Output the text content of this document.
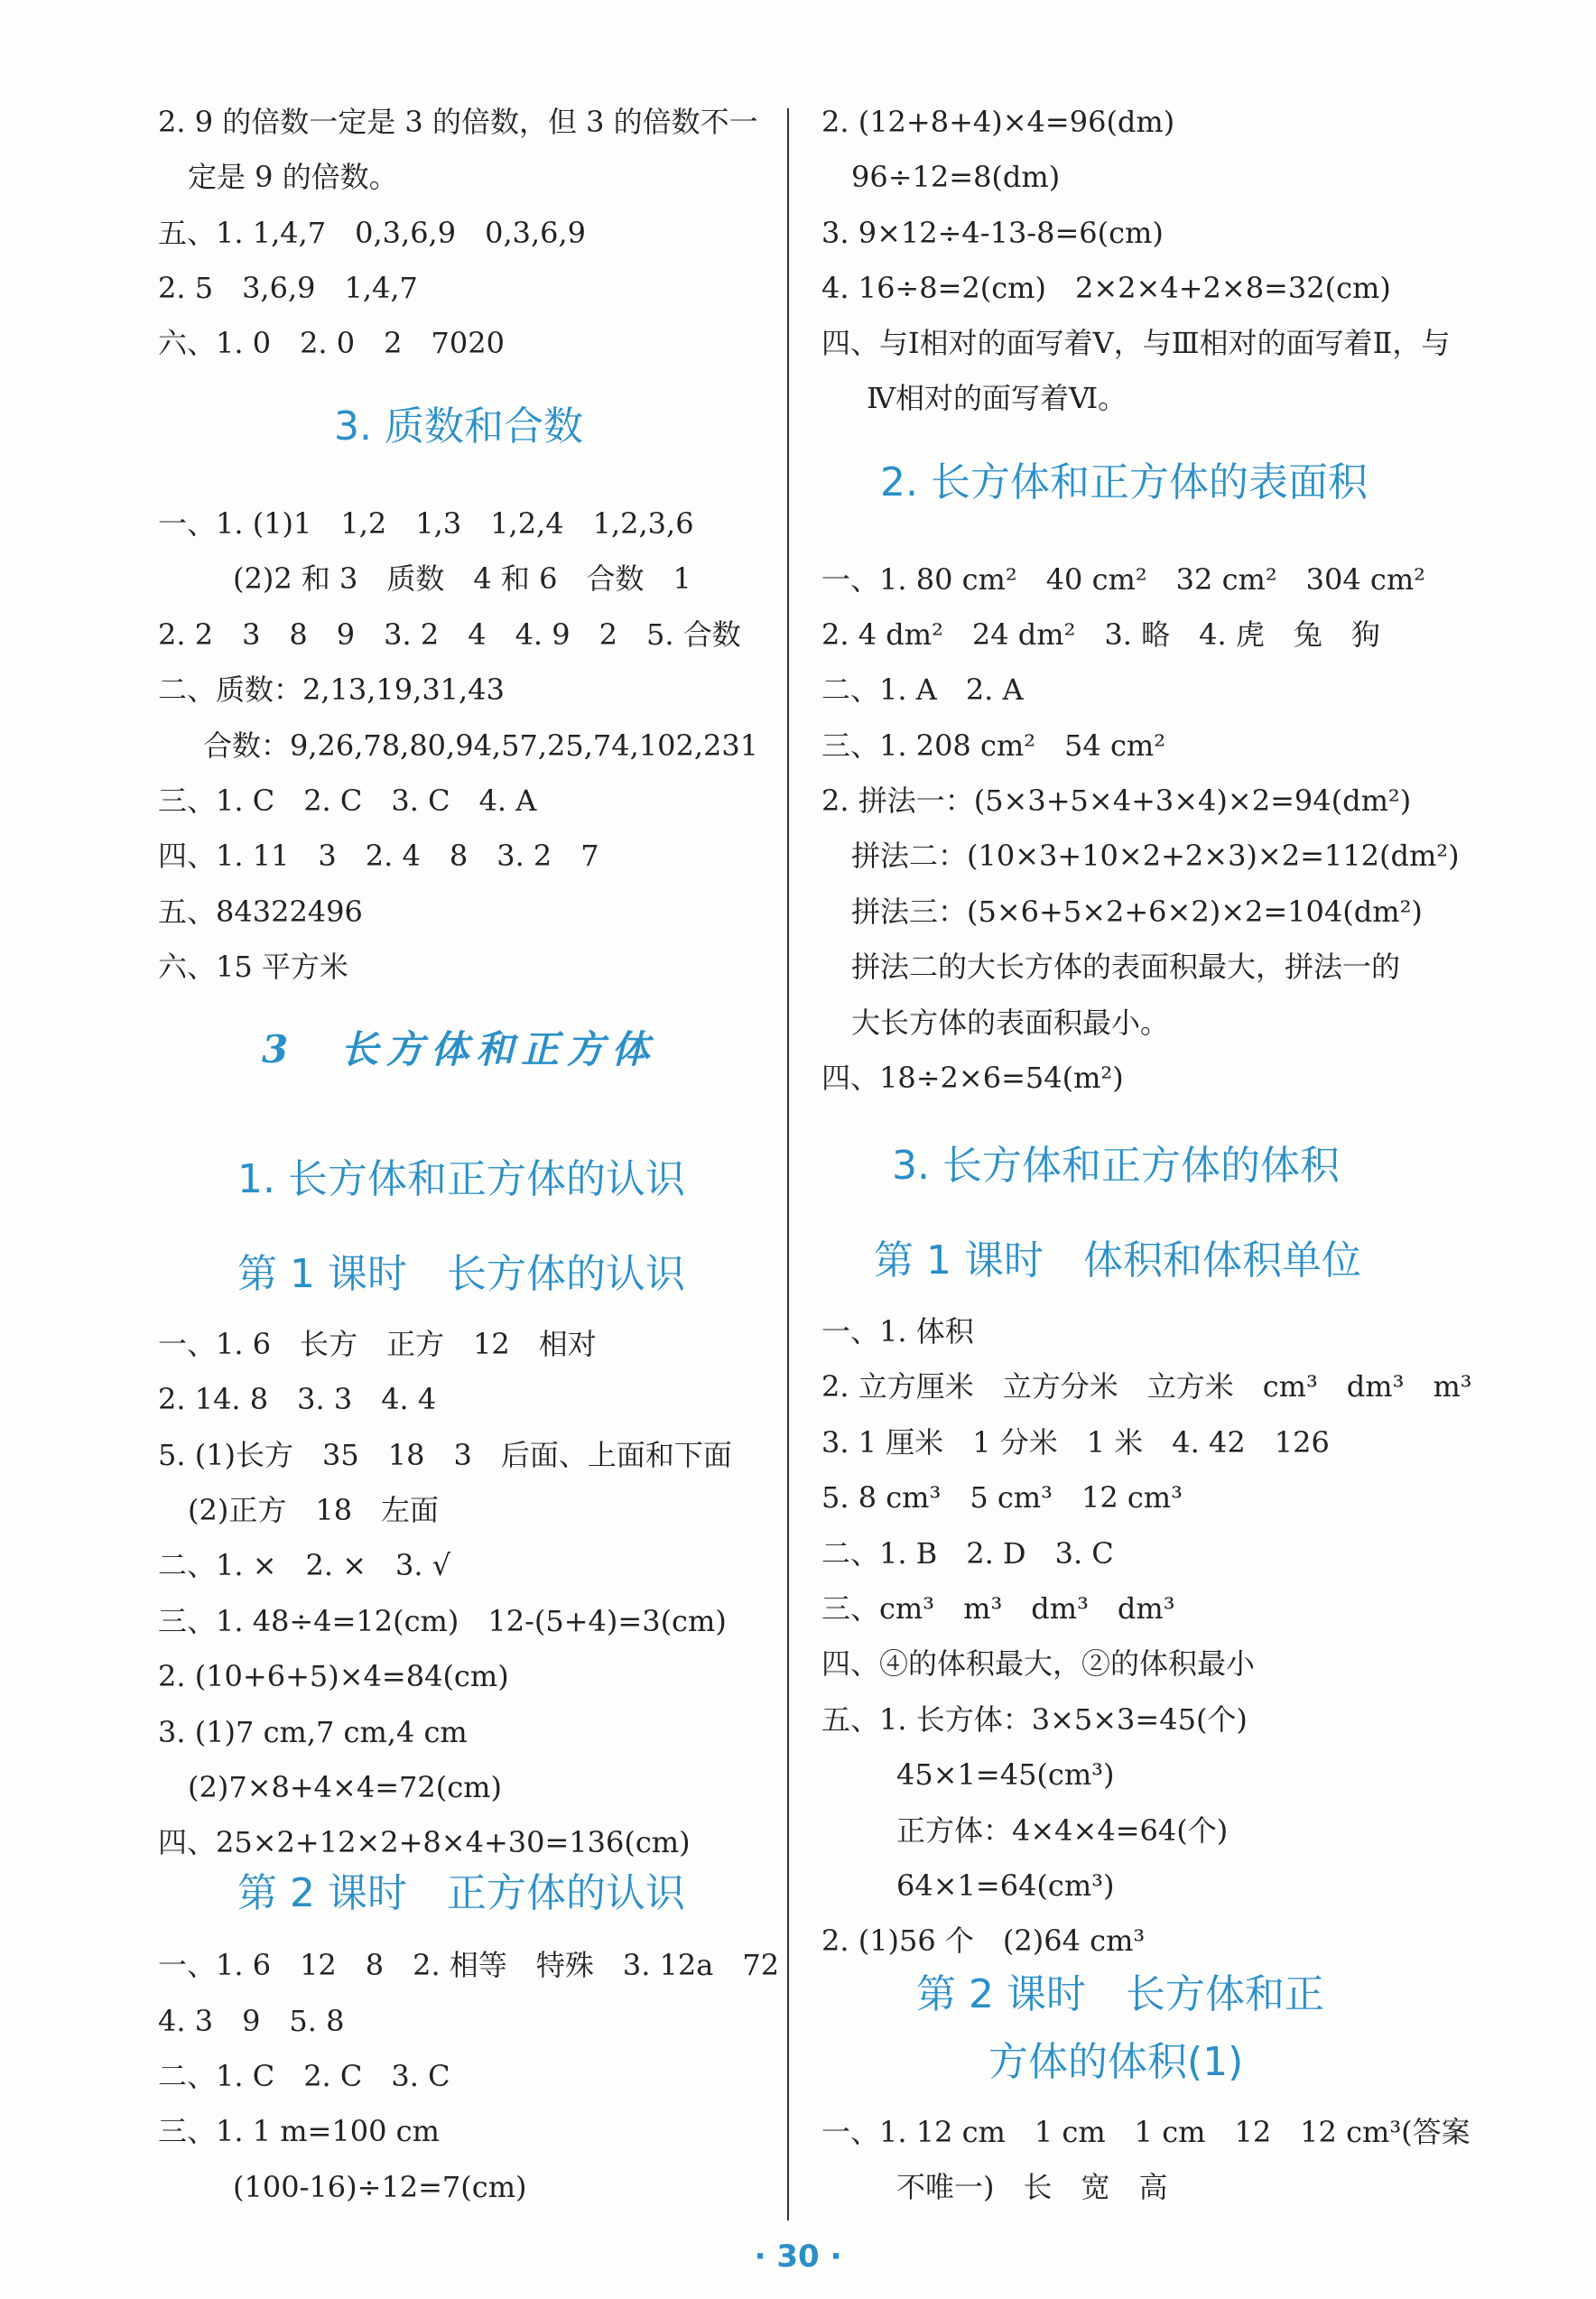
2. 9 的倍数一定是 3 的倍数，但 3 的倍数不一
定是 9 的倍数。
五、1. 1,4,7　0,3,6,9　0,3,6,9
2. 5　3,6,9　1,4,7
六、1. 0　2. 0　2　7020
3. 质数和合数
一、1. (1)1　1,2　1,3　1,2,4　1,2,3,6
(2)2 和 3　质数　4 和 6　合数　1
2. 2　3　8　9　3. 2　4　4. 9　2　5. 合数
二、质数：2,13,19,31,43
合数：9,26,78,80,94,57,25,74,102,231
三、1. C　2. C　3. C　4. A
四、1. 11　3　2. 4　8　3. 2　7
五、84322496
六、15 平方米
3　长方体和正方体
1. 长方体和正方体的认识
第 1 课时　长方体的认识
一、1. 6　长方　正方　12　相对
2. 14. 8　3. 3　4. 4
5. (1)长方　35　18　3　后面、上面和下面
(2)正方　18　左面
二、1. ×　2. ×　3. √
三、1. 48÷4=12(cm)　12-(5+4)=3(cm)
2. (10+6+5)×4=84(cm)
3. (1)7 cm,7 cm,4 cm
(2)7×8+4×4=72(cm)
四、25×2+12×2+8×4+30=136(cm)
第 2 课时　正方体的认识
一、1. 6　12　8　2. 相等　特殊　3. 12a　72
4. 3　9　5. 8
二、1. C　2. C　3. C
三、1. 1 m=100 cm
(100-16)÷12=7(cm)
2. (12+8+4)×4=96(dm)
96÷12=8(dm)
3. 9×12÷4-13-8=6(cm)
4. 16÷8=2(cm)　2×2×4+2×8=32(cm)
四、与Ⅰ相对的面写着Ⅴ，与Ⅲ相对的面写着Ⅱ，与
Ⅳ相对的面写着Ⅵ。
2. 长方体和正方体的表面积
一、1. 80 cm²　40 cm²　32 cm²　304 cm²
2. 4 dm²　24 dm²　3. 略　4. 虎　兔　狗
二、1. A　2. A
三、1. 208 cm²　54 cm²
2. 拼法一：(5×3+5×4+3×4)×2=94(dm²)
拼法二：(10×3+10×2+2×3)×2=112(dm²)
拼法三：(5×6+5×2+6×2)×2=104(dm²)
拼法二的大长方体的表面积最大，拼法一的
大长方体的表面积最小。
四、18÷2×6=54(m²)
3. 长方体和正方体的体积
第 1 课时　体积和体积单位
一、1. 体积
2. 立方厘米　立方分米　立方米　cm³　dm³　m³
3. 1 厘米　1 分米　1 米　4. 42　126
5. 8 cm³　5 cm³　12 cm³
二、1. B　2. D　3. C
三、cm³　m³　dm³　dm³
四、④的体积最大，②的体积最小
五、1. 长方体：3×5×3=45(个)
45×1=45(cm³)
正方体：4×4×4=64(个)
64×1=64(cm³)
2. (1)56 个　(2)64 cm³
第 2 课时　长方体和正
方体的体积(1)
一、1. 12 cm　1 cm　1 cm　12　12 cm³(答案
不唯一)　长　宽　高
· 30 ·
